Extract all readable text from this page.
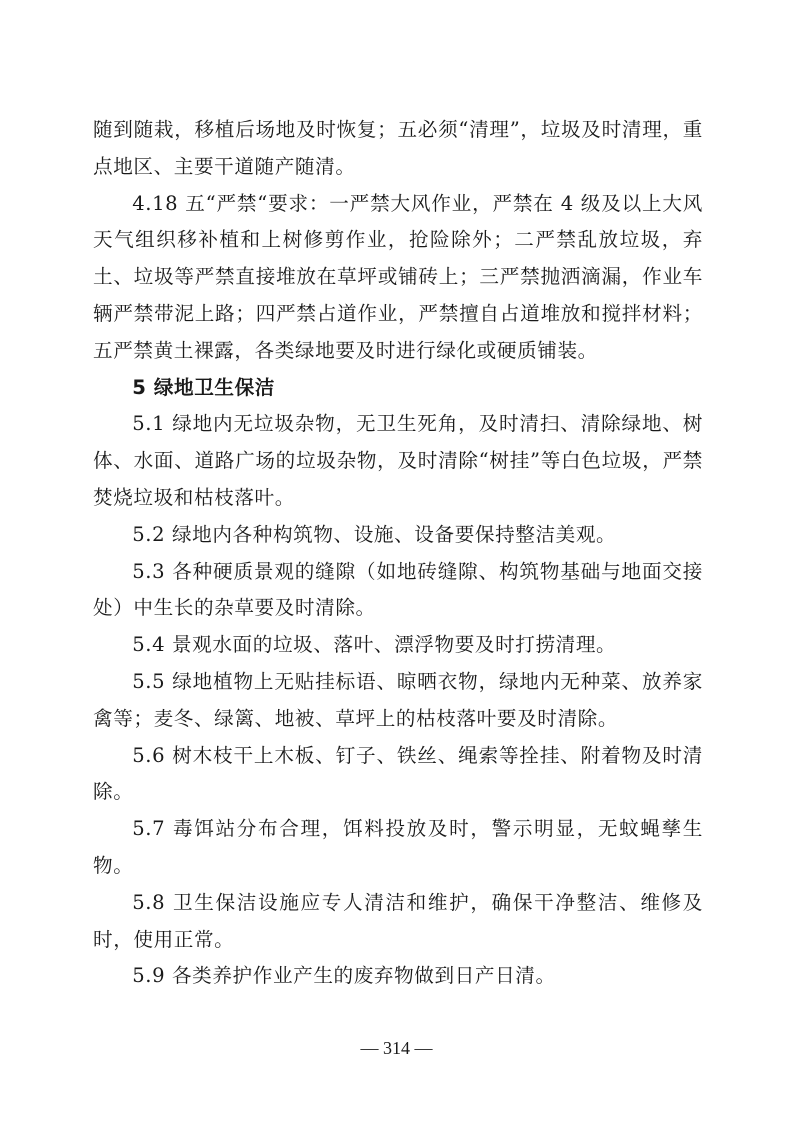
随到随栽，移植后场地及时恢复；五必须“清理”，垃圾及时清理，重点地区、主要干道随产随清。

4.18 五“严禁“要求：一严禁大风作业，严禁在 4 级及以上大风天气组织移补植和上树修剪作业，抢险除外；二严禁乱放垃圾，弃土、垃圾等严禁直接堆放在草坪或铺砖上；三严禁抛洒滴漏，作业车辆严禁带泥上路；四严禁占道作业，严禁擅自占道堆放和搅拌材料；五严禁黄土裸露，各类绿地要及时进行绿化或硬质铺装。

5 绿地卫生保洁

5.1 绿地内无垃圾杂物，无卫生死角，及时清扫、清除绿地、树体、水面、道路广场的垃圾杂物，及时清除“树挂”等白色垃圾，严禁焚烧垃圾和枯枝落叶。

5.2 绿地内各种构筑物、设施、设备要保持整洁美观。

5.3 各种硬质景观的缝隙（如地砖缝隙、构筑物基础与地面交接处）中生长的杂草要及时清除。

5.4 景观水面的垃圾、落叶、漂浮物要及时打捞清理。

5.5 绿地植物上无贴挂标语、晾晒衣物，绿地内无种菜、放养家禽等；麦冬、绿篱、地被、草坪上的枯枝落叶要及时清除。

5.6 树木枝干上木板、钉子、铁丝、绳索等拴挂、附着物及时清除。

5.7 毒饵站分布合理，饵料投放及时，警示明显，无蚊蝇孳生物。

5.8 卫生保洁设施应专人清洁和维护，确保干净整洁、维修及时，使用正常。

5.9 各类养护作业产生的废弃物做到日产日清。

— 314 —
